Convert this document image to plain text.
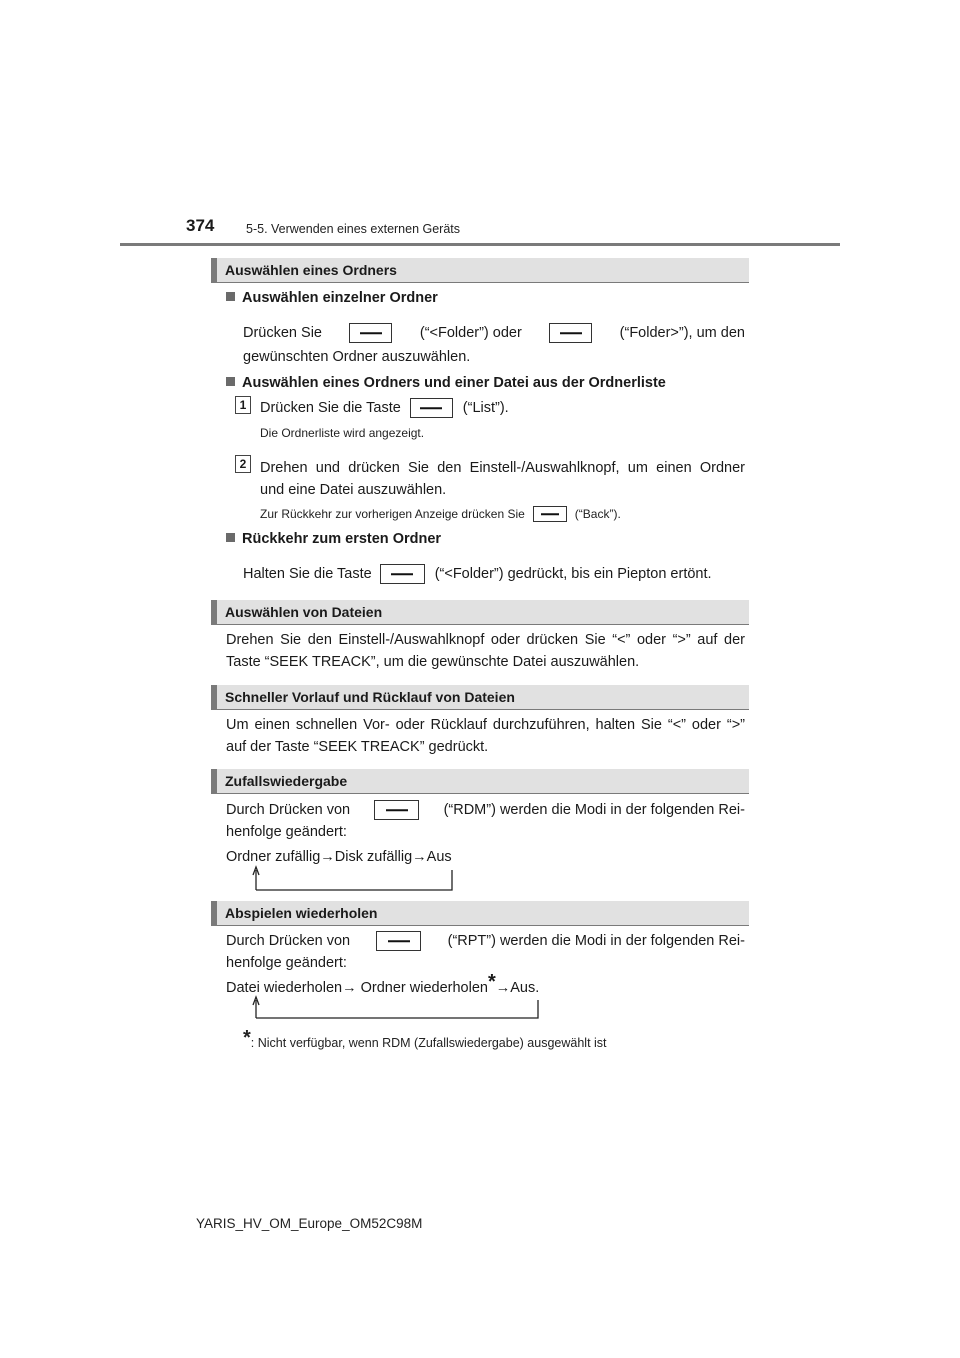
374	5-5. Verwenden eines externen Geräts
Auswählen eines Ordners
Auswählen einzelner Ordner
Drücken Sie	(“<Folder”) oder	(“Folder>”), um den
gewünschten Ordner auszuwählen.
Auswählen eines Ordners und einer Datei aus der Ordnerliste
1 Drücken Sie die Taste	(“List”).
Die Ordnerliste wird angezeigt.
2 Drehen und drücken Sie den Einstell-/Auswahlknopf, um einen Ordner
und eine Datei auszuwählen.
Zur Rückkehr zur vorherigen Anzeige drücken Sie	(“Back”).
Rückkehr zum ersten Ordner
Halten Sie die Taste	(“<Folder”) gedrückt, bis ein Piepton ertönt.
Auswählen von Dateien
Drehen Sie den Einstell-/Auswahlknopf oder drücken Sie “<” oder “>” auf der
Taste “SEEK TREACK”, um die gewünschte Datei auszuwählen.
Schneller Vorlauf und Rücklauf von Dateien
Um einen schnellen Vor- oder Rücklauf durchzuführen, halten Sie “<” oder “>”
auf der Taste “SEEK TREACK” gedrückt.
Zufallswiedergabe
Durch Drücken von	(“RDM”) werden die Modi in der folgenden Rei-
henfolge geändert:
Ordner zufällig→Disk zufällig→Aus
Abspielen wiederholen
Durch Drücken von	(“RPT”) werden die Modi in der folgenden Rei-
henfolge geändert:
Datei wiederholen→ Ordner wiederholen*→Aus.
*: Nicht verfügbar, wenn RDM (Zufallswiedergabe) ausgewählt ist
YARIS_HV_OM_Europe_OM52C98M
